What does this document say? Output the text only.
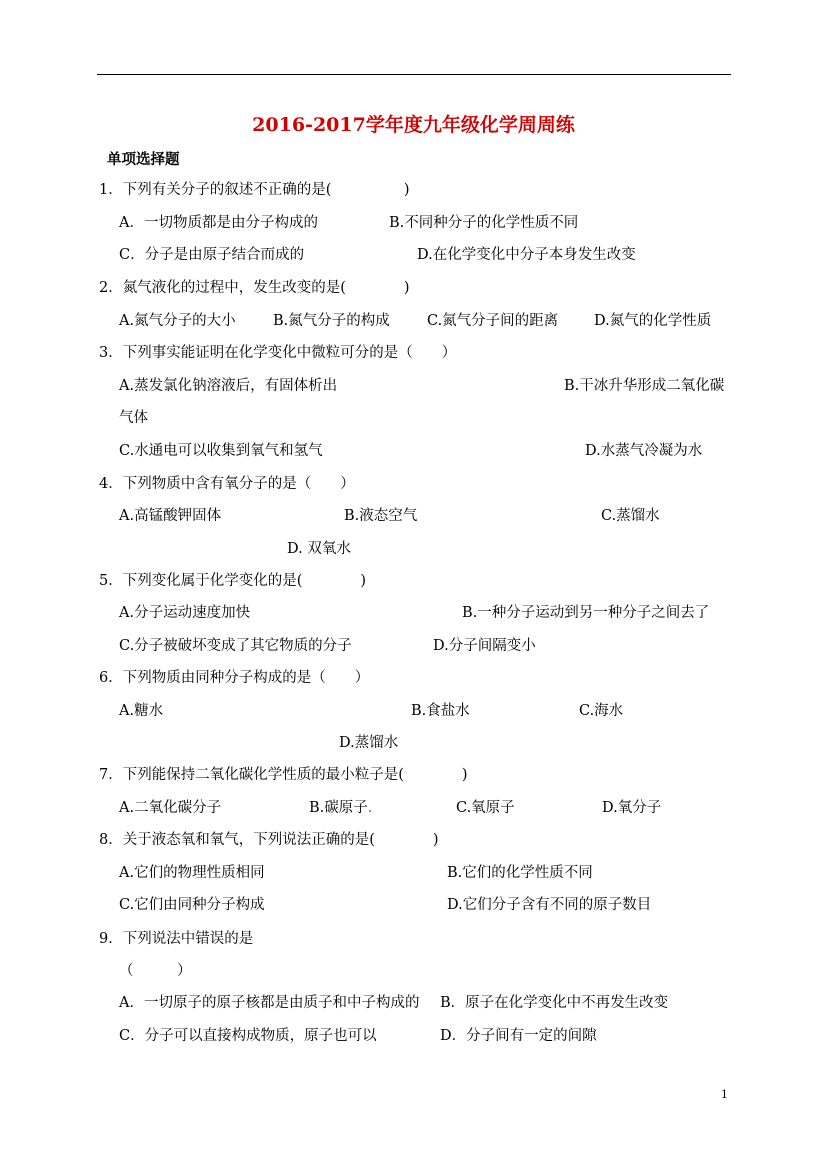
2016-2017学年度九年级化学周周练
单项选择题
1．下列有关分子的叙述不正确的是(　　　　　)
A．一切物质都是由分子构成的	B.不同种分子的化学性质不同
C．分子是由原子结合而成的	D.在化学变化中分子本身发生改变
2．氮气液化的过程中，发生改变的是(　　　　)
A.氮气分子的大小	B.氮气分子的构成	C.氮气分子间的距离 D.氮气的化学性质
3．下列事实能证明在化学变化中微粒可分的是（　　）
A.蒸发氯化钠溶液后，有固体析出	B.干冰升华形成二氧化碳
气体
C.水通电可以收集到氧气和氢气	D.水蒸气冷凝为水
4．下列物质中含有氧分子的是（　　）
A.高锰酸钾固体	B.液态空气	C.蒸馏水
D. 双氧水
5．下列变化属于化学变化的是(　　　　)
A.分子运动速度加快	B.一种分子运动到另一种分子之间去了
C.分子被破坏变成了其它物质的分子	D.分子间隔变小
6．下列物质由同种分子构成的是（　　）
A.糖水	B.食盐水	C.海水
D.蒸馏水
7．下列能保持二氧化碳化学性质的最小粒子是(　　　　)
A.二氧化碳分子	B.碳原子.	C.氧原子	D.氧分子
8．关于液态氧和氧气，下列说法正确的是(　　　　)
A.它们的物理性质相同	B.它们的化学性质不同
C.它们由同种分子构成	D.它们分子含有不同的原子数目
9．下列说法中错误的是
（　　　）
A．一切原子的原子核都是由质子和中子构成的 B．原子在化学变化中不再发生改变
C．分子可以直接构成物质，原子也可以	D．分子间有一定的间隙
1
